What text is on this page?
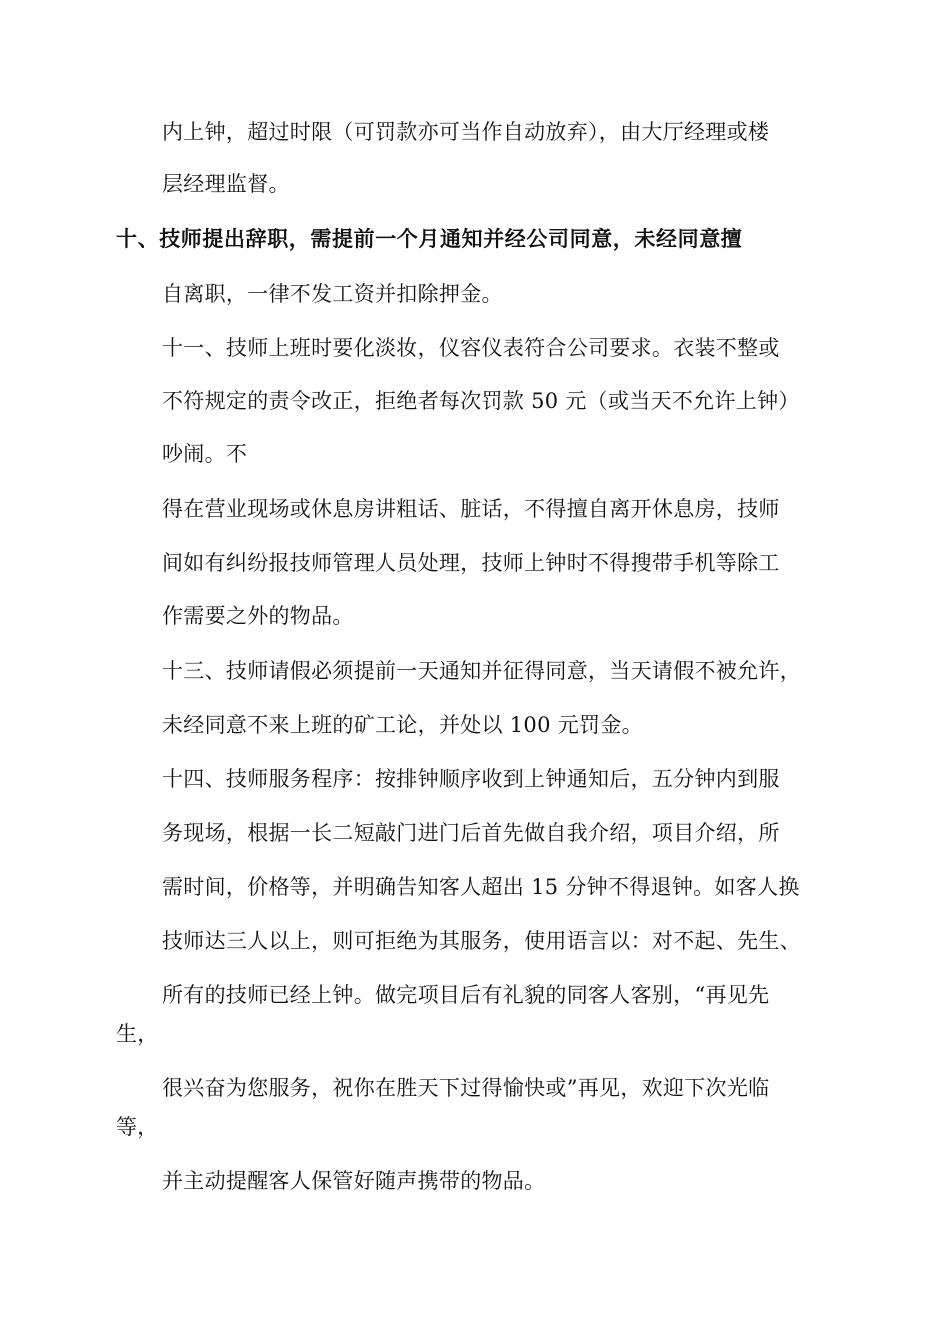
内上钟，超过时限（可罚款亦可当作自动放弃），由大厅经理或楼
层经理监督。
十、技师提出辞职，需提前一个月通知并经公司同意，未经同意擅
自离职，一律不发工资并扣除押金。
十一、技师上班时要化淡妆，仪容仪表符合公司要求。衣装不整或
不符规定的责令改正，拒绝者每次罚款 50 元（或当天不允许上钟）
吵闹。不
得在营业现场或休息房讲粗话、脏话，不得擅自离开休息房，技师
间如有纠纷报技师管理人员处理，技师上钟时不得搜带手机等除工
作需要之外的物品。
十三、技师请假必须提前一天通知并征得同意，当天请假不被允许，
未经同意不来上班的矿工论，并处以 100 元罚金。
十四、技师服务程序：按排钟顺序收到上钟通知后，五分钟内到服
务现场，根据一长二短敲门进门后首先做自我介绍，项目介绍，所
需时间，价格等，并明确告知客人超出 15 分钟不得退钟。如客人换
技师达三人以上，则可拒绝为其服务，使用语言以：对不起、先生、
所有的技师已经上钟。做完项目后有礼貌的同客人客别，“再见先
生，
很兴奋为您服务，祝你在胜天下过得愉快或”再见，欢迎下次光临
等，
并主动提醒客人保管好随声携带的物品。
